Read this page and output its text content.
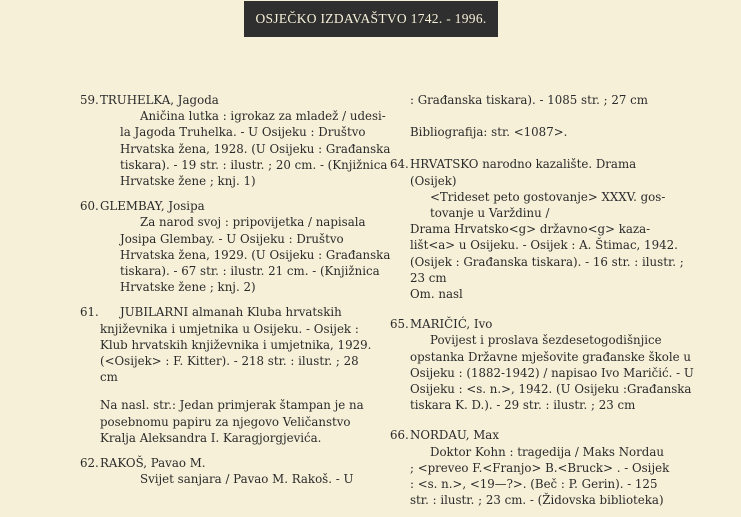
OSJEČKO IZDAVAŠTVO 1742. - 1996.
59. TRUHELKA, Jagoda
Aničina lutka : igrokaz za mladež / udesi-
la Jagoda Truhelka. - U Osijeku : Društvo
Hrvatska žena, 1928. (U Osijeku : Građanska
tiskara). - 19 str. : ilustr. ; 20 cm. - (Knjižnica
Hrvatske žene ; knj. 1)
60. GLEMBAY, Josipa
Za narod svoj : pripovijetka / napisala
Josipa Glembay. - U Osijeku : Društvo
Hrvatska žena, 1929. (U Osijeku : Građanska
tiskara). - 67 str. : ilustr. 21 cm. - (Knjižnica
Hrvatske žene ; knj. 2)
61.	JUBILARNI almanah Kluba hrvatskih
književnika i umjetnika u Osijeku. - Osijek :
Klub hrvatskih književnika i umjetnika, 1929.
(<Osijek> : F. Kitter). - 218 str. : ilustr. ; 28
cm
Na nasl. str.: Jedan primjerak štampan je na
posebnomu papiru za njegovo Veličanstvo
Kralja Aleksandra I. Karagjorgjevića.
62. RAKOŠ, Pavao M.
Svijet sanjara / Pavao M. Rakoš. - U
: Građanska tiskara). - 1085 str. ; 27 cm
Bibliografija: str. <1087>.
64. HRVATSKO narodno kazalište. Drama
(Osijek)
<Trideset peto gostovanje> XXXV. gos-
tovanje u Varždinu /
Drama Hrvatsko<g> državno<g> kaza-
lišt<a> u Osijeku. - Osijek : A. Štimac, 1942.
(Osijek : Građanska tiskara). - 16 str. : ilustr. ;
23 cm
Om. nasl
65. MARIČIĆ, Ivo
Povijest i proslava šezdesetogodišnjice
opstanka Državne mješovite građanske škole u
Osijeku : (1882-1942) / napisao Ivo Maričić. - U
Osijeku : <s. n.>, 1942. (U Osijeku :Građanska
tiskara K. D.). - 29 str. : ilustr. ; 23 cm
66. NORDAU, Max
Doktor Kohn : tragedija / Maks Nordau
; <preveo F.<Franjo> B.<Bruck> . - Osijek
: <s. n.>, <19—?>. (Beč : P. Gerin). - 125
str. : ilustr. ; 23 cm. - (Židovska biblioteka)
